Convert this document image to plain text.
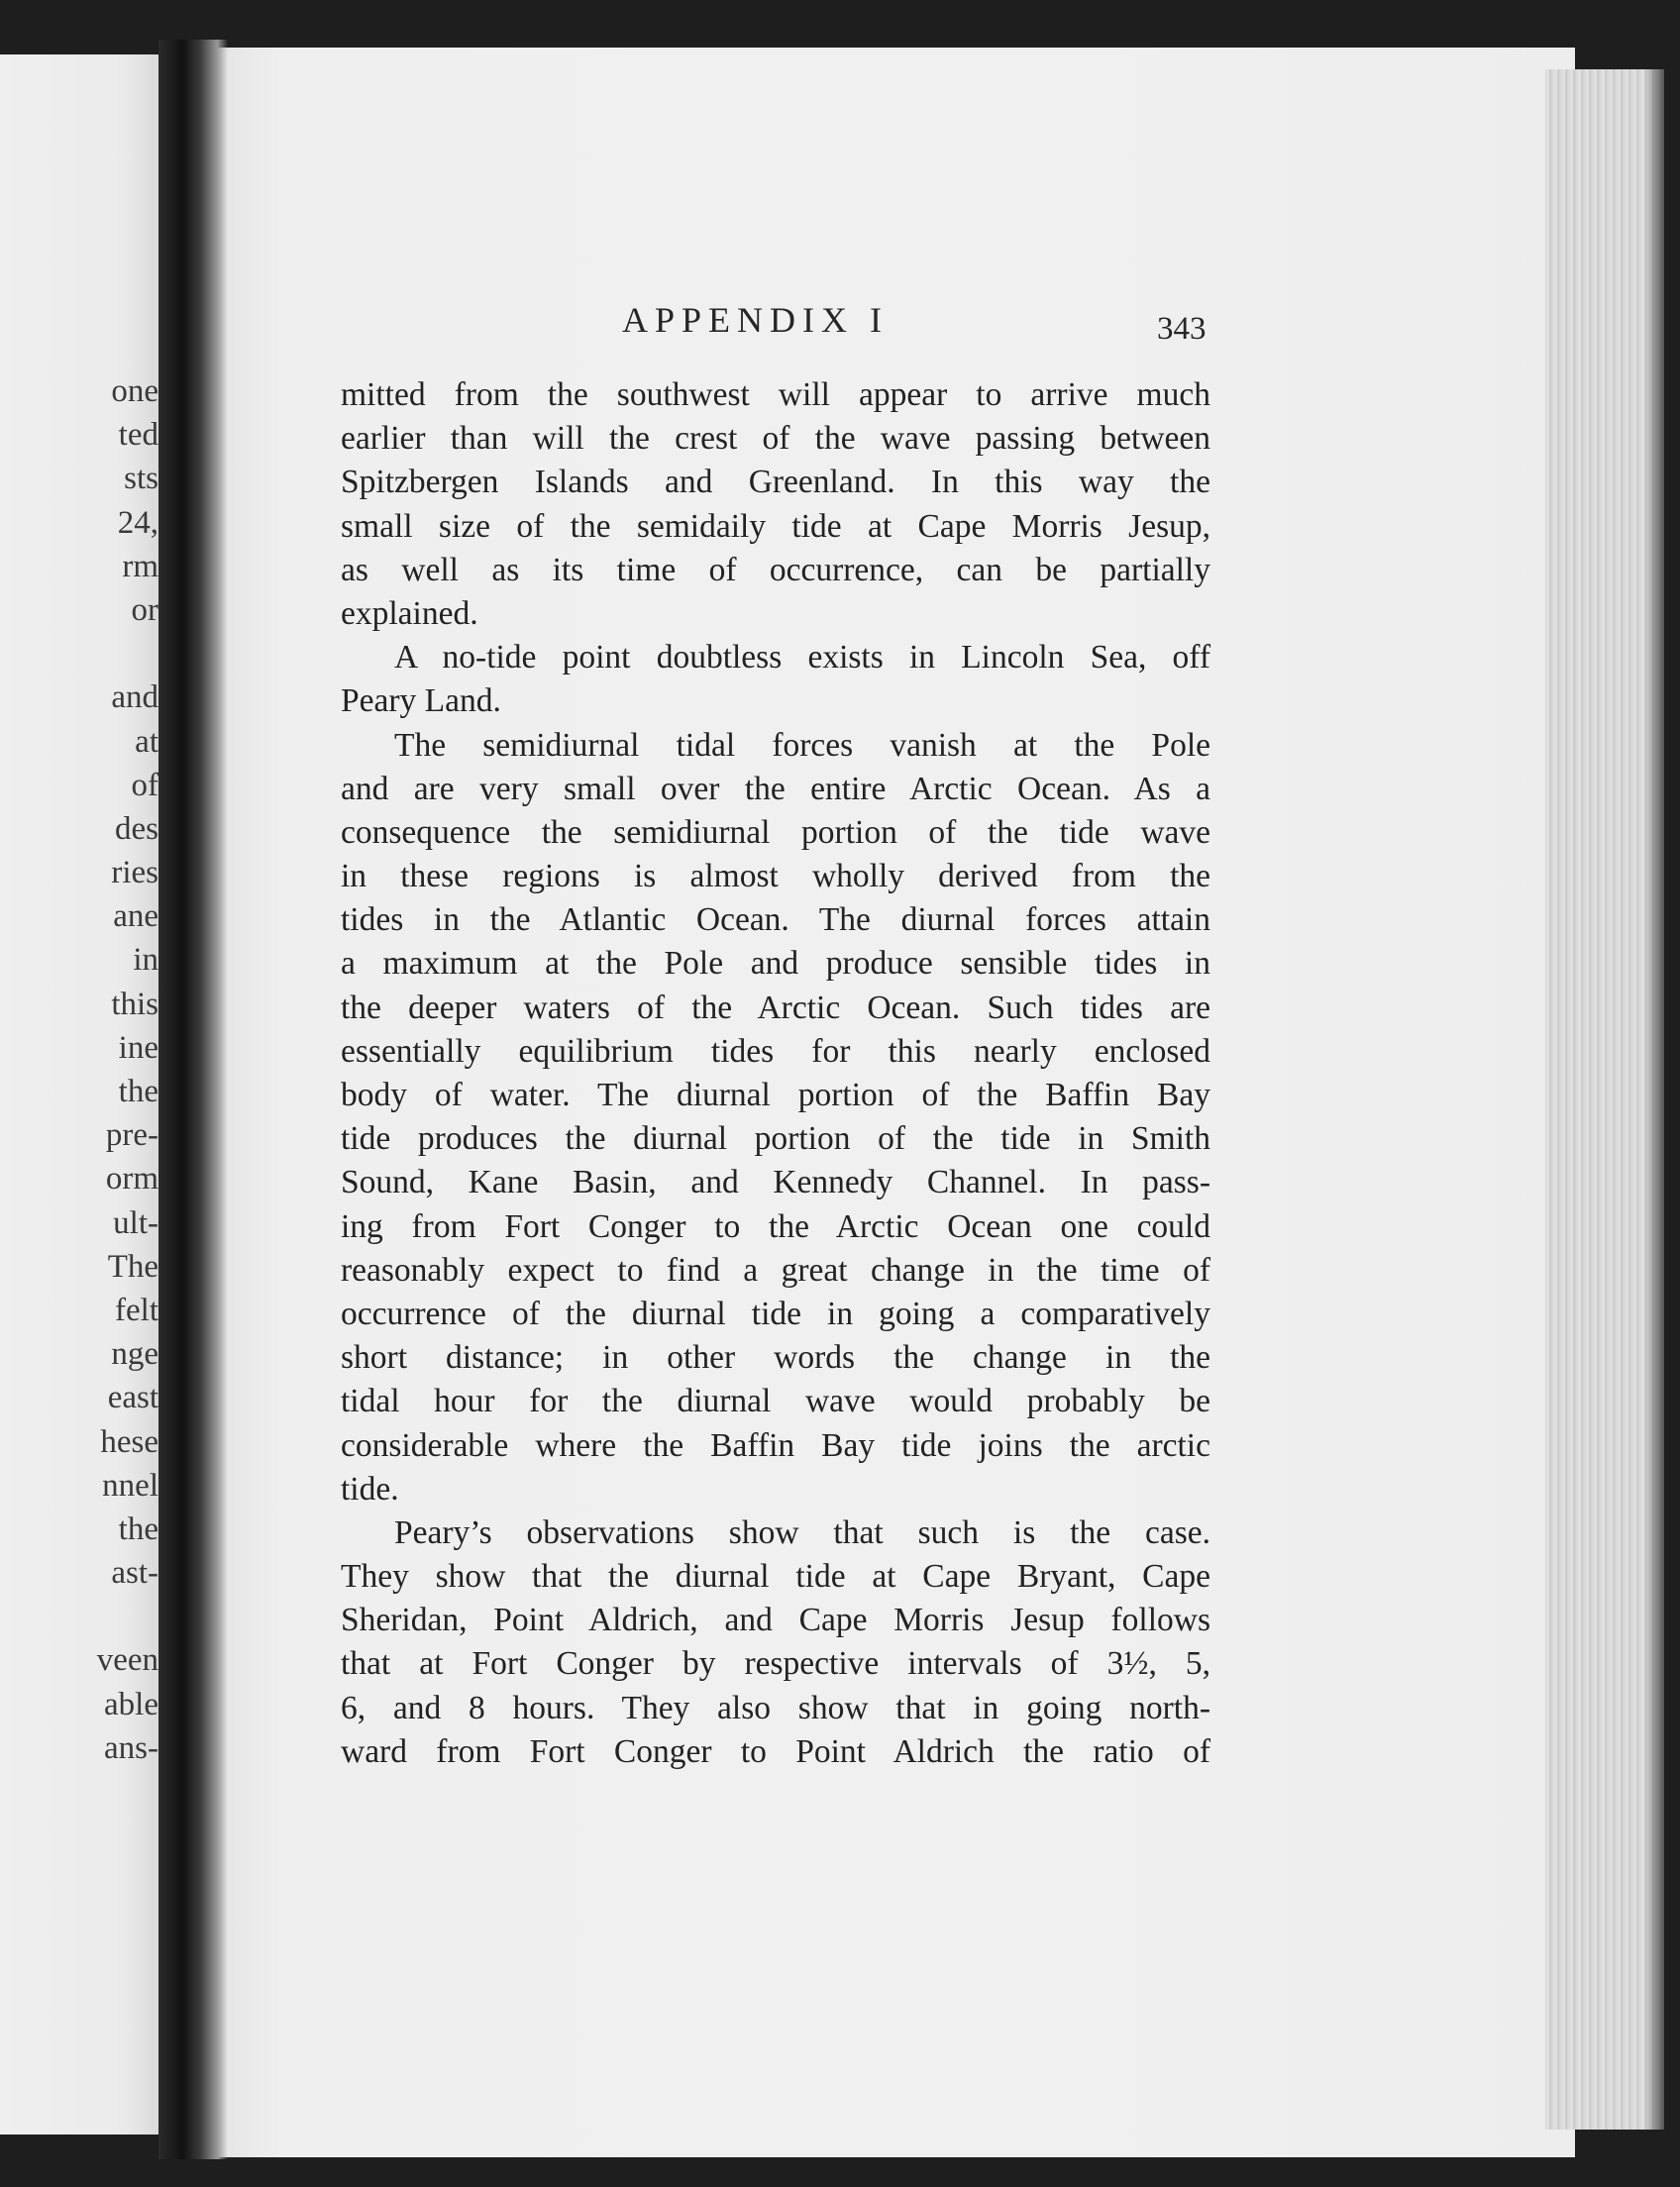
one
ted
sts
24,
rm
or
and
at
of
des
ries
ane
in
this
ine
the
pre-
orm
ult-
The
felt
nge
east
hese
nnel
the
ast-
veen
able
ans-
APPENDIX I	343
mitted from the southwest will appear to arrive much
earlier than will the crest of the wave passing between
Spitzbergen Islands and Greenland. In this way the
small size of the semidaily tide at Cape Morris Jesup,
as well as its time of occurrence, can be partially
explained.
A no-tide point doubtless exists in Lincoln Sea, off
Peary Land.
The semidiurnal tidal forces vanish at the Pole
and are very small over the entire Arctic Ocean. As a
consequence the semidiurnal portion of the tide wave
in these regions is almost wholly derived from the
tides in the Atlantic Ocean. The diurnal forces attain
a maximum at the Pole and produce sensible tides in
the deeper waters of the Arctic Ocean. Such tides are
essentially equilibrium tides for this nearly enclosed
body of water. The diurnal portion of the Baffin Bay
tide produces the diurnal portion of the tide in Smith
Sound, Kane Basin, and Kennedy Channel. In pass-
ing from Fort Conger to the Arctic Ocean one could
reasonably expect to find a great change in the time of
occurrence of the diurnal tide in going a comparatively
short distance; in other words the change in the
tidal hour for the diurnal wave would probably be
considerable where the Baffin Bay tide joins the arctic
tide.
Peary’s observations show that such is the case.
They show that the diurnal tide at Cape Bryant, Cape
Sheridan, Point Aldrich, and Cape Morris Jesup follows
that at Fort Conger by respective intervals of 3½, 5,
6, and 8 hours. They also show that in going north-
ward from Fort Conger to Point Aldrich the ratio of
